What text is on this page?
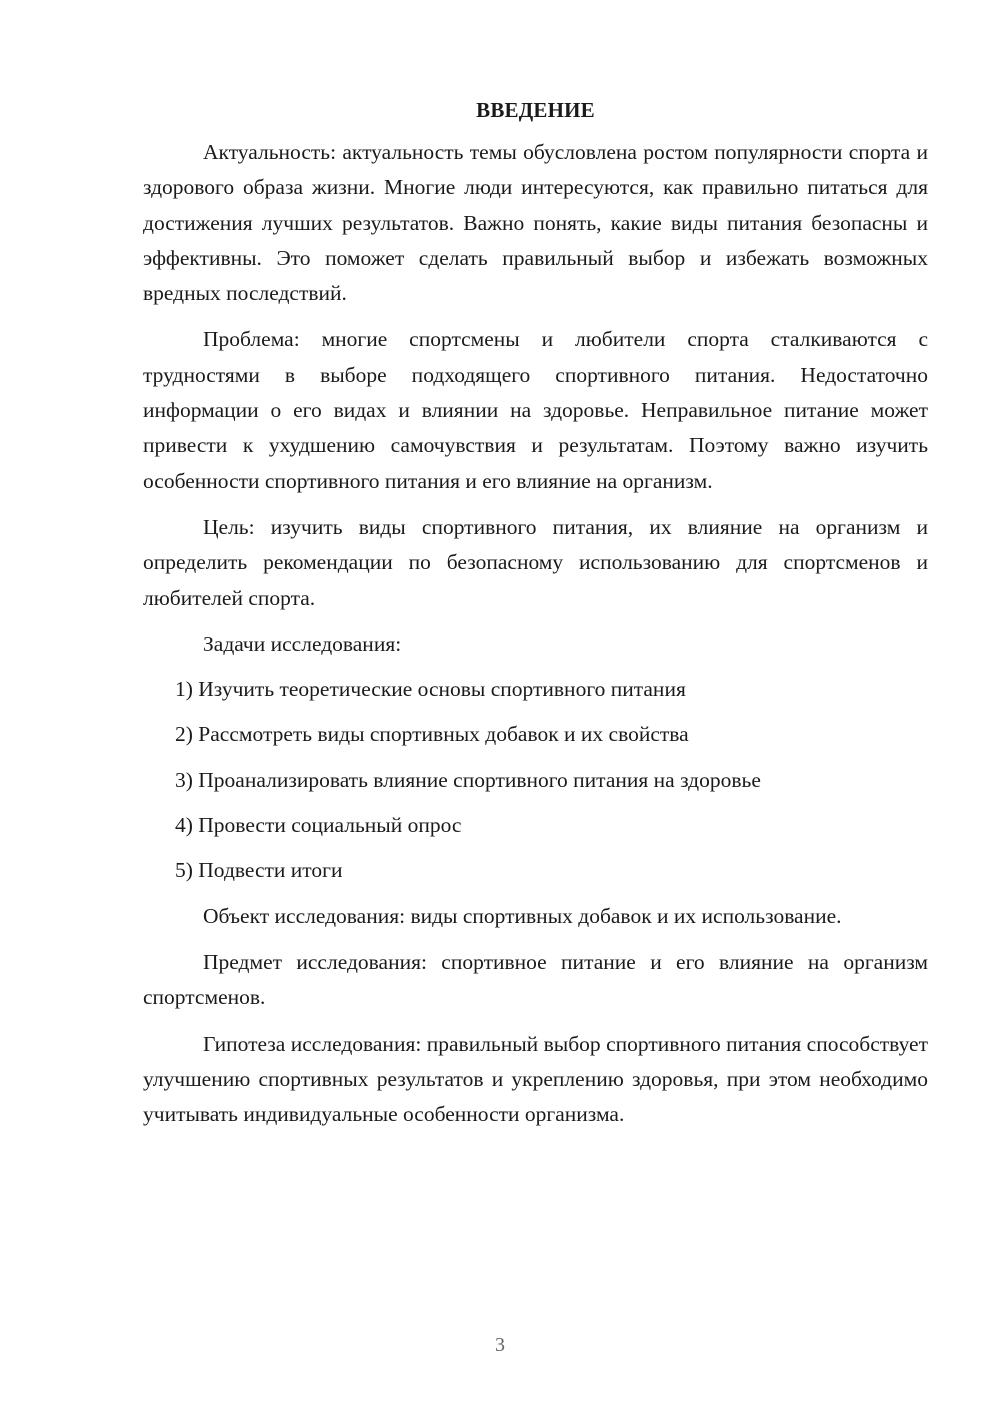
ВВЕДЕНИЕ

Актуальность: актуальность темы обусловлена ростом популярности спорта и здорового образа жизни. Многие люди интересуются, как правильно питаться для достижения лучших результатов. Важно понять, какие виды питания безопасны и эффективны. Это поможет сделать правильный выбор и избежать возможных вредных последствий.

Проблема: многие спортсмены и любители спорта сталкиваются с трудностями в выборе подходящего спортивного питания. Недостаточно информации о его видах и влиянии на здоровье. Неправильное питание может привести к ухудшению самочувствия и результатам. Поэтому важно изучить особенности спортивного питания и его влияние на организм.

Цель: изучить виды спортивного питания, их влияние на организм и определить рекомендации по безопасному использованию для спортсменов и любителей спорта.

Задачи исследования:

1) Изучить теоретические основы спортивного питания
2) Рассмотреть виды спортивных добавок и их свойства
3) Проанализировать влияние спортивного питания на здоровье
4) Провести социальный опрос
5) Подвести итоги

Объект исследования: виды спортивных добавок и их использование.

Предмет исследования: спортивное питание и его влияние на организм спортсменов.

Гипотеза исследования: правильный выбор спортивного питания способствует улучшению спортивных результатов и укреплению здоровья, при этом необходимо учитывать индивидуальные особенности организма.

3
